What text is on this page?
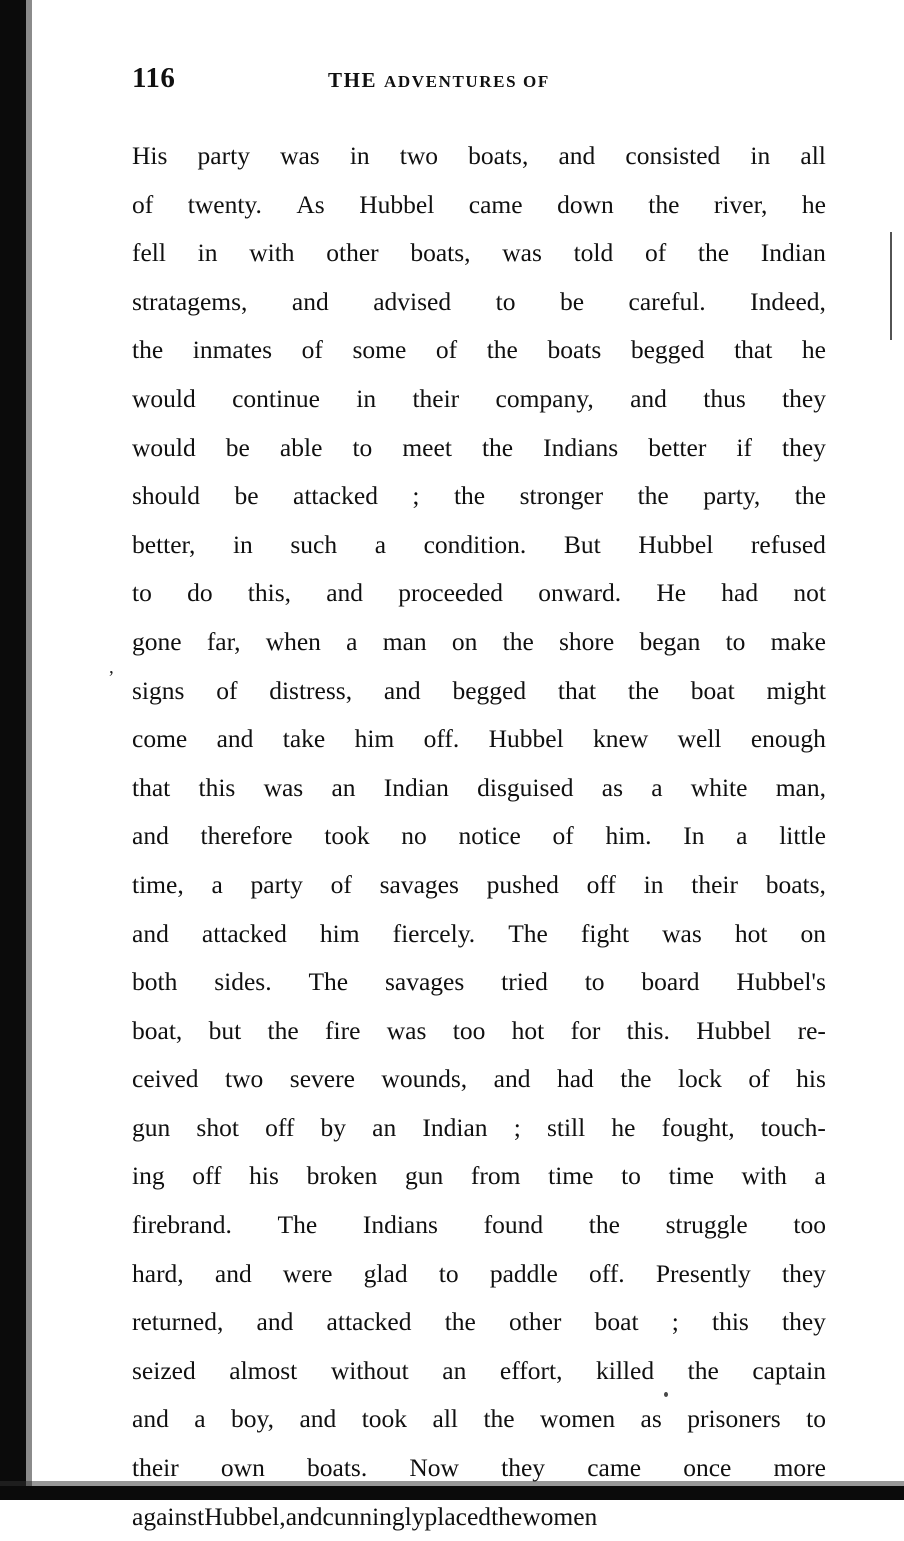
,
116	THE ADVENTURES OF
His party was in two boats, and consisted in all
of twenty. As Hubbel came down the river, he
fell in with other boats, was told of the Indian
stratagems, and advised to be careful. Indeed,
the inmates of some of the boats begged that he
would continue in their company, and thus they
would be able to meet the Indians better if they
should be attacked ; the stronger the party, the
better, in such a condition. But Hubbel refused
to do this, and proceeded onward. He had not
gone far, when a man on the shore began to make
signs of distress, and begged that the boat might
come and take him off. Hubbel knew well enough
that this was an Indian disguised as a white man,
and therefore took no notice of him. In a little
time, a party of savages pushed off in their boats,
and attacked him fiercely. The fight was hot on
both sides. The savages tried to board Hubbel's
boat, but the fire was too hot for this. Hubbel re-
ceived two severe wounds, and had the lock of his
gun shot off by an Indian ; still he fought, touch-
ing off his broken gun from time to time with a
firebrand. The Indians found the struggle too
hard, and were glad to paddle off. Presently they
returned, and attacked the other boat ; this they
seized almost without an effort, killed the captain
and a boy, and took all the women as prisoners to
their own boats. Now they came once more
against Hubbel, and cunningly placed the women
